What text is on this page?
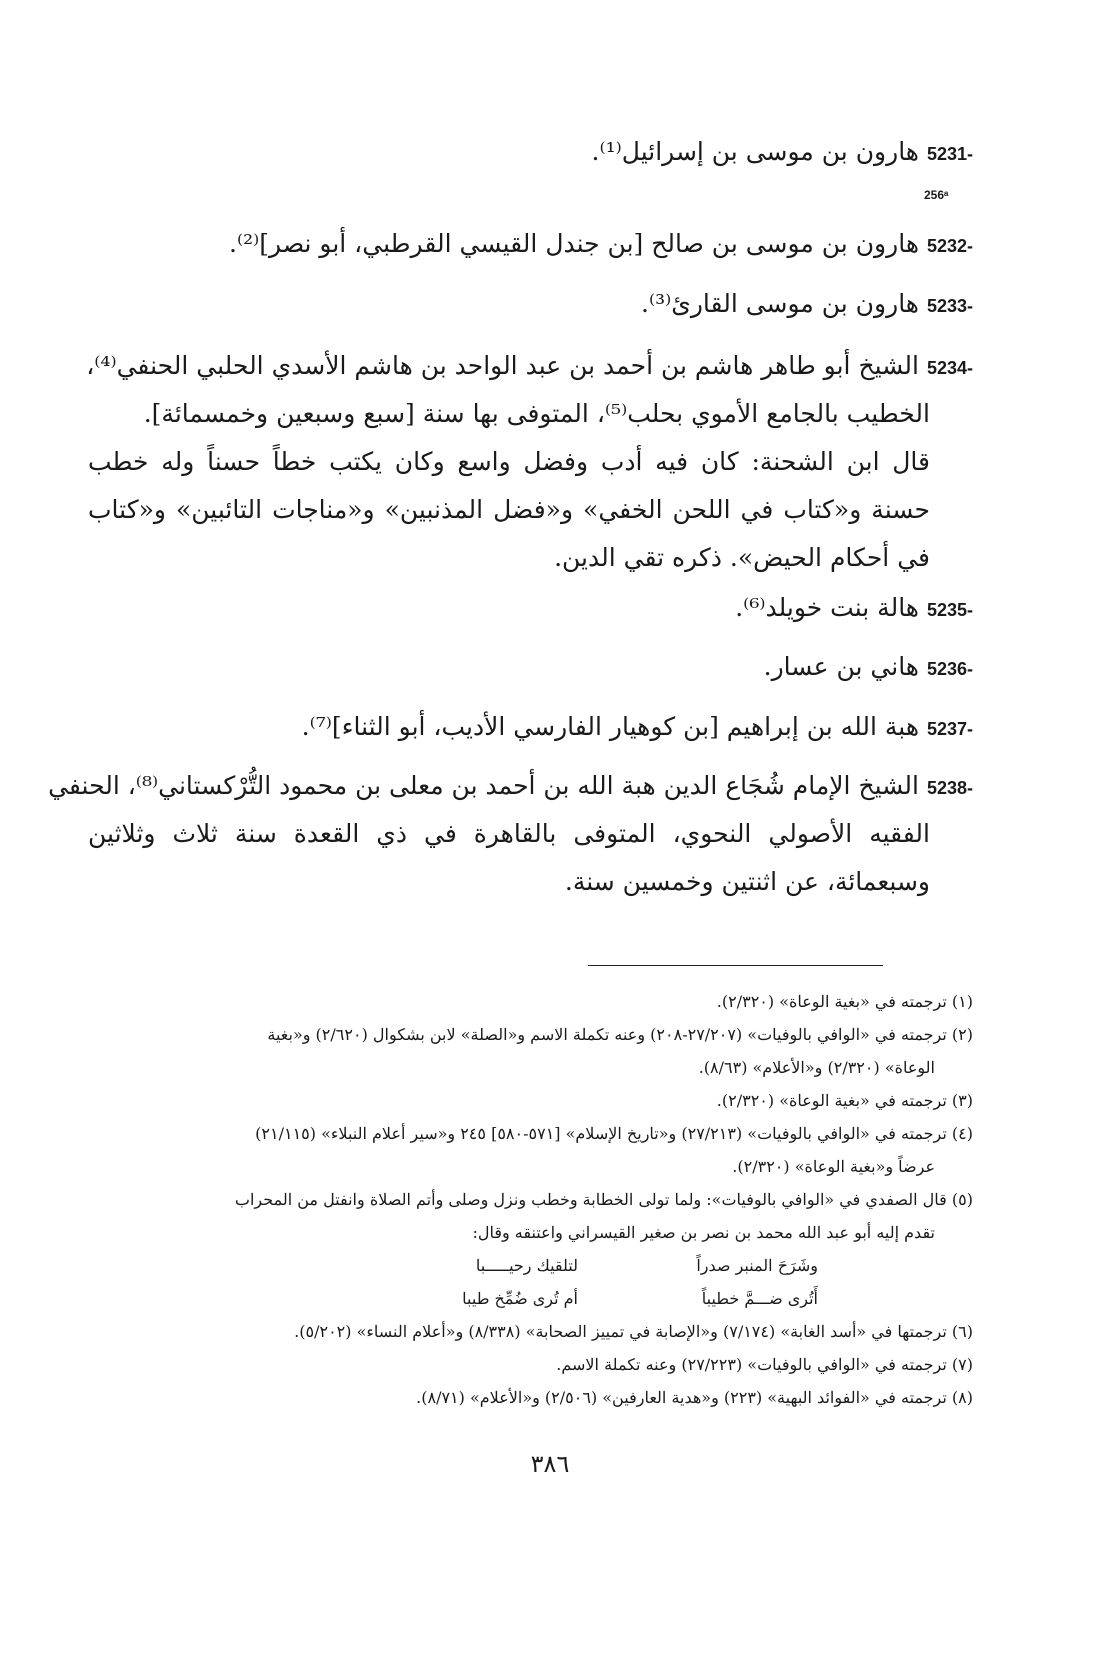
5231- هارون بن موسى بن إسرائيل⁽¹⁾.
256ᵃ
5232- هارون بن موسى بن صالح [بن جندل القيسي القرطبي، أبو نصر]⁽²⁾.
5233- هارون بن موسى القارئ⁽³⁾.
5234- الشيخ أبو طاهر هاشم بن أحمد بن عبد الواحد بن هاشم الأسدي الحلبي الحنفي⁽⁴⁾،
الخطيب بالجامع الأموي بحلب⁽⁵⁾، المتوفى بها سنة [سبع وسبعين وخمسمائة].
قال ابن الشحنة: كان فيه أدب وفضل واسع وكان يكتب خطاً حسناً وله خطب حسنة و«كتاب في اللحن الخفي» و«فضل المذنبين» و«مناجات التائبين» و«كتاب في أحكام الحيض». ذكره تقي الدين.
5235- هالة بنت خويلد⁽⁶⁾.
5236- هاني بن عسار.
5237- هبة الله بن إبراهيم [بن كوهيار الفارسي الأديب، أبو الثناء]⁽⁷⁾.
5238- الشيخ الإمام شُجَاع الدين هبة الله بن أحمد بن معلى بن محمود التُّرْكستاني⁽⁸⁾، الحنفي
الفقيه الأصولي النحوي، المتوفى بالقاهرة في ذي القعدة سنة ثلاث وثلاثين وسبعمائة، عن اثنتين وخمسين سنة.
(١) ترجمته في «بغية الوعاة» (٢/٣٢٠).
(٢) ترجمته في «الوافي بالوفيات» (٢٧/٢٠٧-٢٠٨) وعنه تكملة الاسم و«الصلة» لابن بشكوال (٢/٦٢٠) و«بغية
الوعاة» (٢/٣٢٠) و«الأعلام» (٨/٦٣).
(٣) ترجمته في «بغية الوعاة» (٢/٣٢٠).
(٤) ترجمته في «الوافي بالوفيات» (٢٧/٢١٣) و«تاريخ الإسلام» [٥٧١-٥٨٠] ٢٤٥ و«سير أعلام النبلاء» (٢١/١١٥)
عرضاً و«بغية الوعاة» (٢/٣٢٠).
(٥) قال الصفدي في «الوافي بالوفيات»: ولما تولى الخطابة وخطب ونزل وصلى وأتم الصلاة وانفتل من المحراب
تقدم إليه أبو عبد الله محمد بن نصر بن صغير القيسراني واعتنقه وقال:
وشَرَحَ المنبر صدراً
لتلقيك رحيـــــبا
أَتُرى ضـــمَّ خطيباً
أم تُرى ضُمِّخ طيبا
(٦) ترجمتها في «أسد الغابة» (٧/١٧٤) و«الإصابة في تمييز الصحابة» (٨/٣٣٨) و«أعلام النساء» (٥/٢٠٢).
(٧) ترجمته في «الوافي بالوفيات» (٢٧/٢٢٣) وعنه تكملة الاسم.
(٨) ترجمته في «الفوائد البهية» (٢٢٣) و«هدية العارفين» (٢/٥٠٦) و«الأعلام» (٨/٧١).
٣٨٦
